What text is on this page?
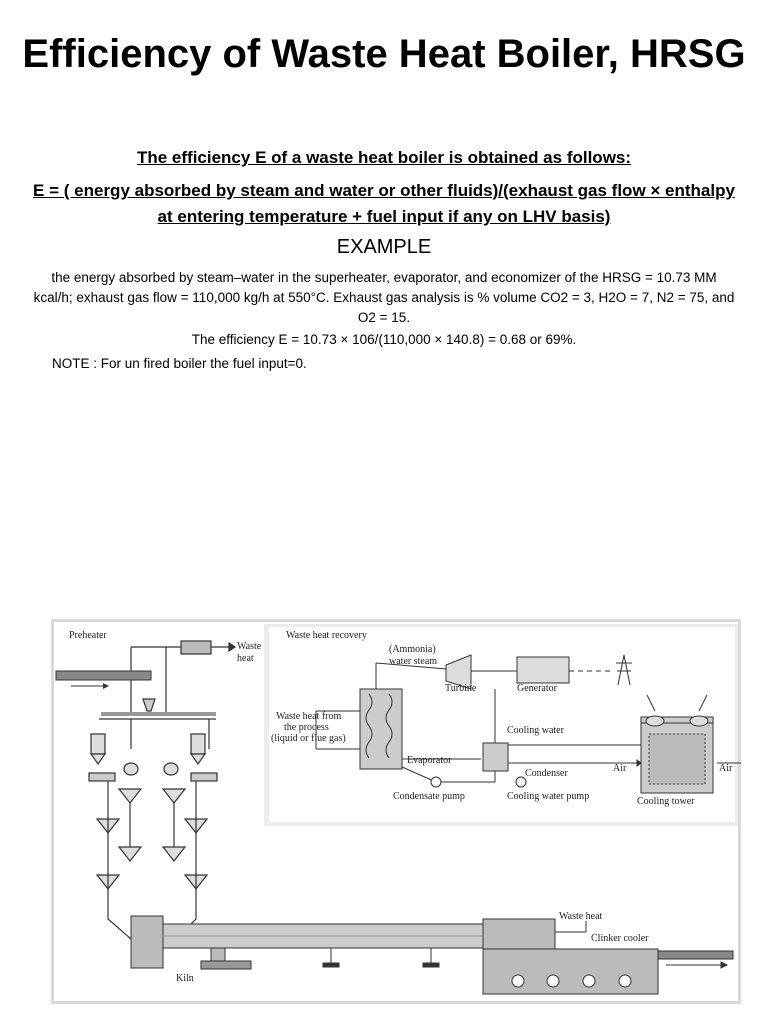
Efficiency of Waste Heat Boiler, HRSG
The efficiency E of a waste heat boiler is obtained as follows:
E = ( energy absorbed by steam and water or other fluids)/(exhaust gas flow × enthalpy at entering temperature + fuel input if any on LHV basis)
EXAMPLE
the energy absorbed by steam–water in the superheater, evaporator, and economizer of the HRSG = 10.73 MM kcal/h; exhaust gas flow = 110,000 kg/h at 550°C. Exhaust gas analysis is % volume CO2 = 3, H2O = 7, N2 = 75, and O2 = 15.
The efficiency E = 10.73 × 106/(110,000 × 140.8) = 0.68 or 69%.
NOTE : For un fired boiler the fuel input=0.
Preheater
Waste
heat
Kiln
Waste heat
Clinker cooler
Waste heat recovery
(Ammonia)
water steam
Turbine	Generator
Waste heat from
the process
(liquid or flue gas)
Evaporator
Cooling water
Condenser
Condensate pump	Cooling water pump
Air	Air
Cooling tower
